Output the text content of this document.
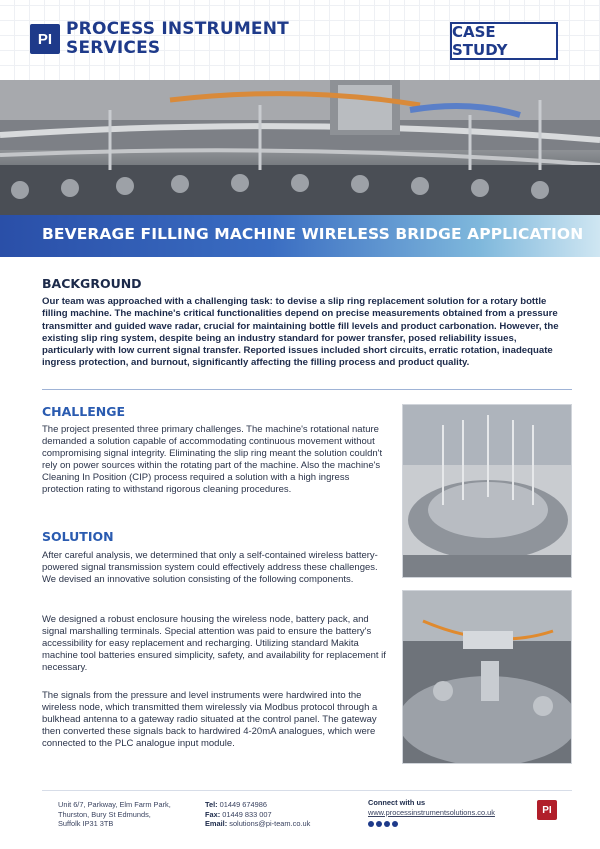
PI PROCESS INSTRUMENT
SERVICES
CASE STUDY
BEVERAGE FILLING MACHINE WIRELESS BRIDGE APPLICATION
BACKGROUND
Our team was approached with a challenging task: to devise a slip ring replacement solution for a rotary bottle filling machine. The machine's critical functionalities depend on precise measurements obtained from a pressure transmitter and guided wave radar, crucial for maintaining bottle fill levels and product carbonation. However, the existing slip ring system, despite being an industry standard for power transfer, posed reliability issues, particularly with low current signal transfer. Reported issues included short circuits, erratic rotation, inadequate ingress protection, and burnout, significantly affecting the filling process and product quality.
CHALLENGE
The project presented three primary challenges. The machine's rotational nature demanded a solution capable of accommodating continuous movement without compromising signal integrity. Eliminating the slip ring meant the solution couldn't rely on power sources within the rotating part of the machine. Also the machine's Cleaning In Position (CIP) process required a solution with a high ingress protection rating to withstand rigorous cleaning procedures.
SOLUTION
After careful analysis, we determined that only a self-contained wireless battery-powered signal transmission system could effectively address these challenges. We devised an innovative solution consisting of the following components.
We designed a robust enclosure housing the wireless node, battery pack, and signal marshalling terminals. Special attention was paid to ensure the battery's accessibility for easy replacement and recharging. Utilizing standard Makita machine tool batteries ensured simplicity, safety, and availability for replacement if necessary.
The signals from the pressure and level instruments were hardwired into the wireless node, which transmitted them wirelessly via Modbus protocol through a bulkhead antenna to a gateway radio situated at the control panel. The gateway then converted these signals back to hardwired 4-20mA analogues, which were connected to the PLC analogue input module.
Unit 6/7, Parkway, Elm Farm Park,
Thurston, Bury St Edmunds,
Suffolk IP31 3TB
Tel: 01449 674986
Fax: 01449 833 007
Email: solutions@pi-team.co.uk
Connect with us
www.processinstrumentsolutions.co.uk	PI
